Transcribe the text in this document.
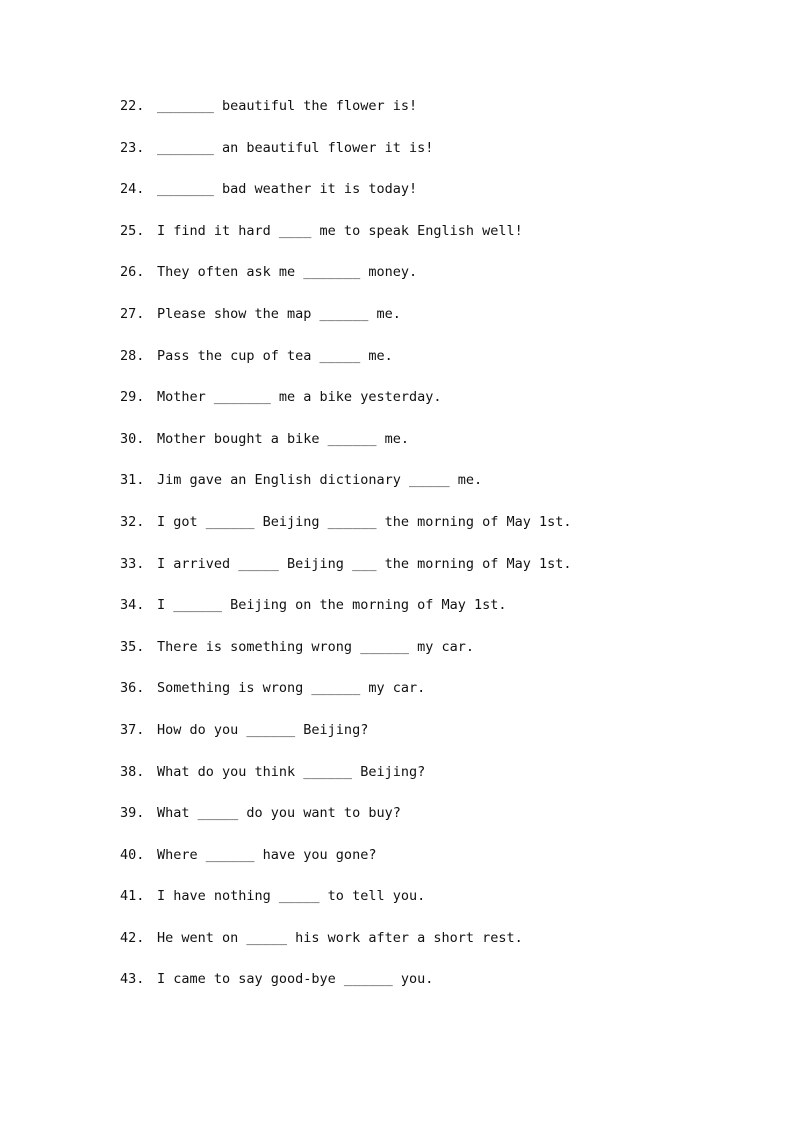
22. _______ beautiful the flower is!
23. _______ an beautiful flower it is!
24. _______ bad weather it is today!
25. I find it hard ____ me to speak English well!
26. They often ask me _______ money.
27. Please show the map ______ me.
28. Pass the cup of tea _____ me.
29. Mother _______ me a bike yesterday.
30. Mother bought a bike ______ me.
31. Jim gave an English dictionary _____ me.
32. I got ______ Beijing ______ the morning of May 1st.
33. I arrived _____ Beijing ___ the morning of May 1st.
34. I ______ Beijing on the morning of May 1st.
35. There is something wrong ______ my car.
36. Something is wrong ______ my car.
37. How do you ______ Beijing?
38. What do you think ______ Beijing?
39. What _____ do you want to buy?
40. Where ______ have you gone?
41. I have nothing _____ to tell you.
42. He went on _____ his work after a short rest.
43. I came to say good-bye ______ you.
